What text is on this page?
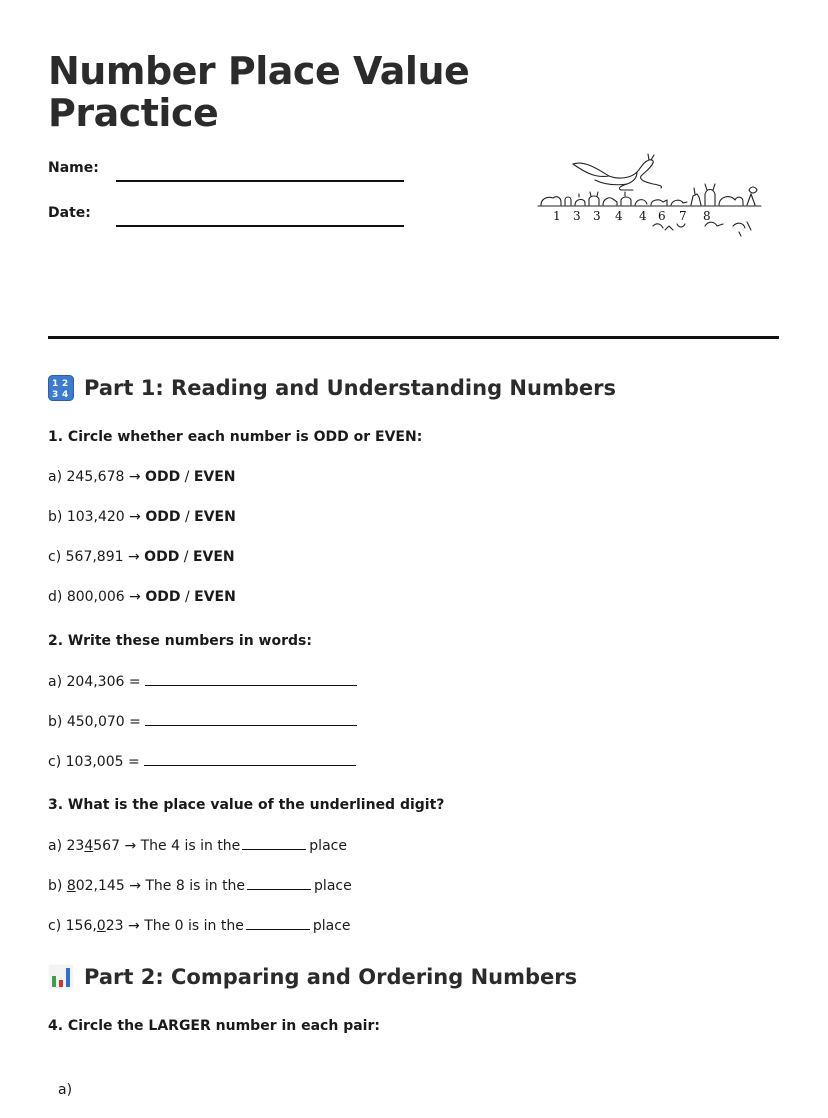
Number Place Value Practice
Name:
Date:	1 3 3 4 4 6 7 8
1 2
3 4 Part 1: Reading and Understanding Numbers
1. Circle whether each number is ODD or EVEN:
a) 245,678 → ODD / EVEN
b) 103,420 → ODD / EVEN
c) 567,891 → ODD / EVEN
d) 800,006 → ODD / EVEN
2. Write these numbers in words:
a) 204,306 =
b) 450,070 =
c) 103,005 =
3. What is the place value of the underlined digit?
a) 234567 → The 4 is in the	place
b) 802,145 → The 8 is in the	place
c) 156,023 → The 0 is in the	place
Part 2: Comparing and Ordering Numbers
4. Circle the LARGER number in each pair:
a)
